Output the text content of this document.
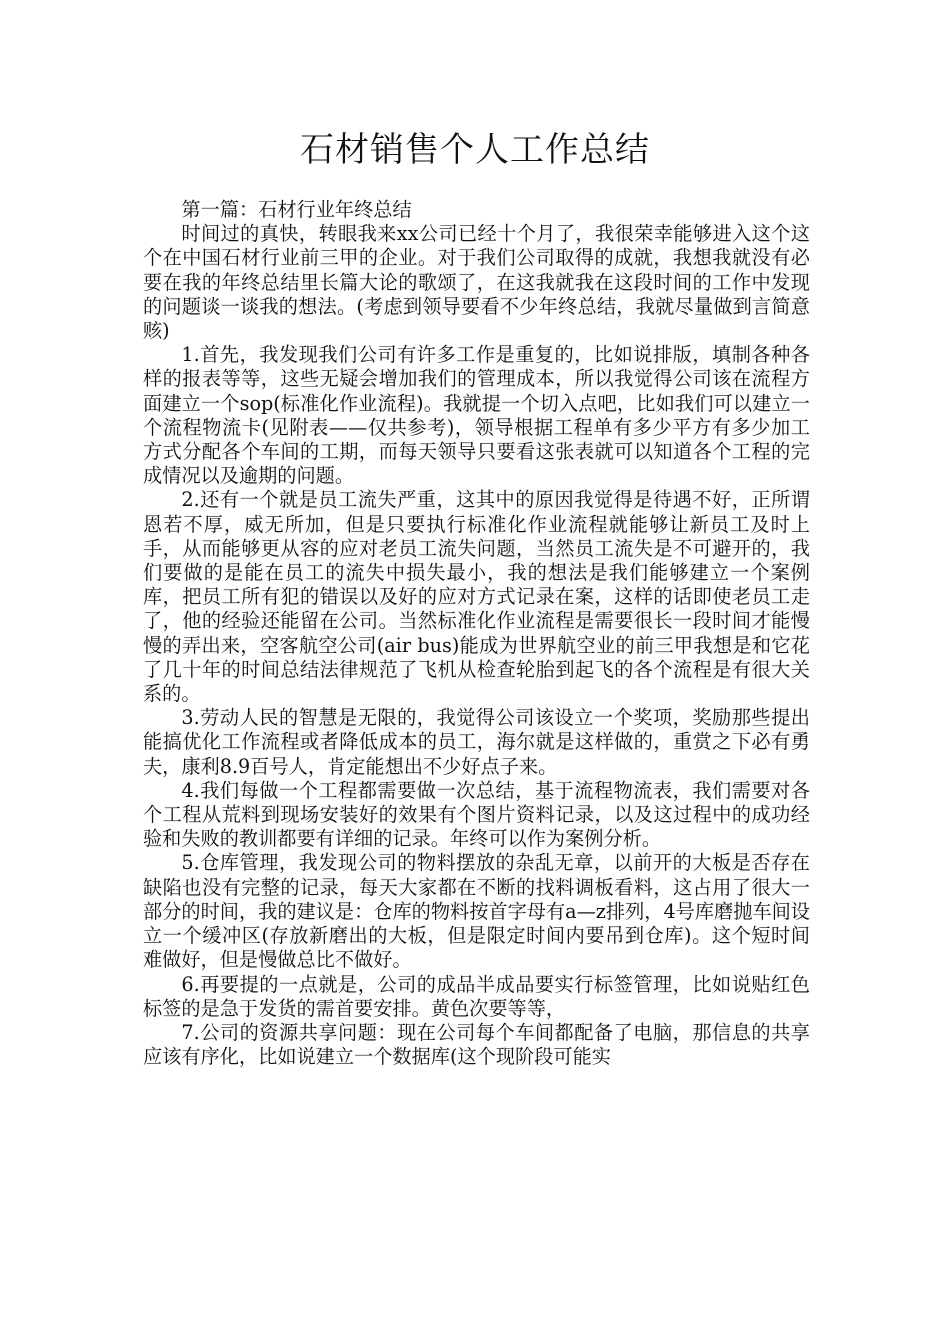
石材销售个人工作总结

第一篇：石材行业年终总结

时间过的真快，转眼我来xx公司已经十个月了，我很荣幸能够进入这个这个在中国石材行业前三甲的企业。对于我们公司取得的成就，我想我就没有必要在我的年终总结里长篇大论的歌颂了，在这我就我在这段时间的工作中发现的问题谈一谈我的想法。(考虑到领导要看不少年终总结，我就尽量做到言简意赅)

1.首先，我发现我们公司有许多工作是重复的，比如说排版，填制各种各样的报表等等，这些无疑会增加我们的管理成本，所以我觉得公司该在流程方面建立一个sop(标准化作业流程)。我就提一个切入点吧，比如我们可以建立一个流程物流卡(见附表——仅共参考)，领导根据工程单有多少平方有多少加工方式分配各个车间的工期，而每天领导只要看这张表就可以知道各个工程的完成情况以及逾期的问题。

2.还有一个就是员工流失严重，这其中的原因我觉得是待遇不好，正所谓恩若不厚，威无所加，但是只要执行标准化作业流程就能够让新员工及时上手，从而能够更从容的应对老员工流失问题，当然员工流失是不可避开的，我们要做的是能在员工的流失中损失最小，我的想法是我们能够建立一个案例库，把员工所有犯的错误以及好的应对方式记录在案，这样的话即使老员工走了，他的经验还能留在公司。当然标准化作业流程是需要很长一段时间才能慢慢的弄出来，空客航空公司(air bus)能成为世界航空业的前三甲我想是和它花了几十年的时间总结法律规范了飞机从检查轮胎到起飞的各个流程是有很大关系的。

3.劳动人民的智慧是无限的，我觉得公司该设立一个奖项，奖励那些提出能搞优化工作流程或者降低成本的员工，海尔就是这样做的，重赏之下必有勇夫，康利8.9百号人，肯定能想出不少好点子来。

4.我们每做一个工程都需要做一次总结，基于流程物流表，我们需要对各个工程从荒料到现场安装好的效果有个图片资料记录，以及这过程中的成功经验和失败的教训都要有详细的记录。年终可以作为案例分析。

5.仓库管理，我发现公司的物料摆放的杂乱无章，以前开的大板是否存在缺陷也没有完整的记录，每天大家都在不断的找料调板看料，这占用了很大一部分的时间，我的建议是：仓库的物料按首字母有a—z排列，4号库磨抛车间设立一个缓冲区(存放新磨出的大板，但是限定时间内要吊到仓库)。这个短时间难做好，但是慢做总比不做好。

6.再要提的一点就是，公司的成品半成品要实行标签管理，比如说贴红色标签的是急于发货的需首要安排。黄色次要等等，

7.公司的资源共享问题：现在公司每个车间都配备了电脑，那信息的共享应该有序化，比如说建立一个数据库(这个现阶段可能实
